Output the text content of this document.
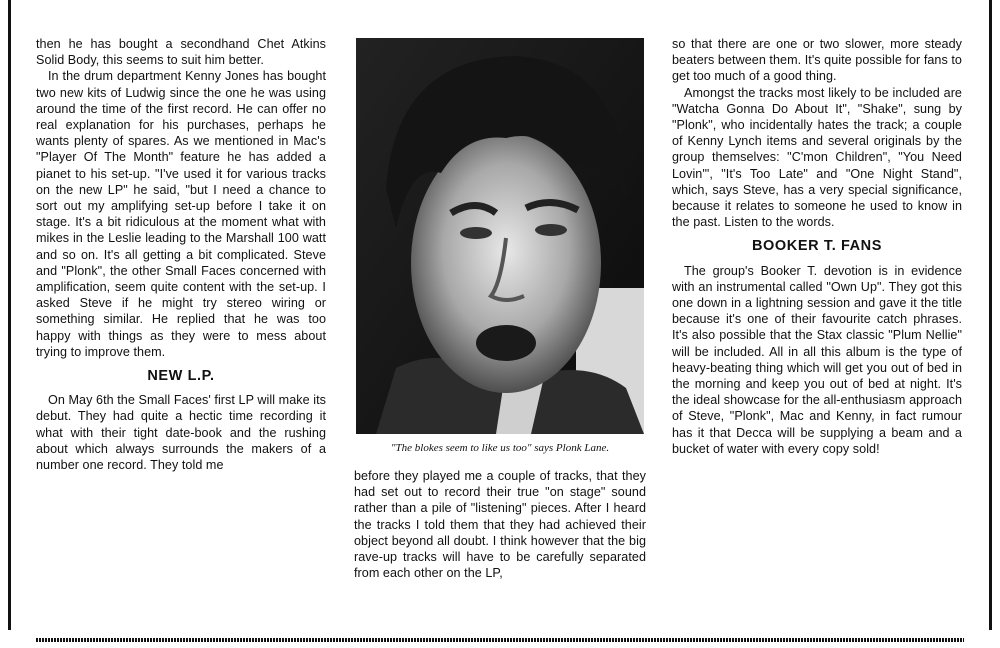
then he has bought a secondhand Chet Atkins Solid Body, this seems to suit him better.

In the drum department Kenny Jones has bought two new kits of Ludwig since the one he was using around the time of the first record. He can offer no real explanation for his purchases, perhaps he wants plenty of spares. As we mentioned in Mac's "Player Of The Month" feature he has added a pianet to his set-up. "I've used it for various tracks on the new LP" he said, "but I need a chance to sort out my amplifying set-up before I take it on stage. It's a bit ridiculous at the moment what with mikes in the Leslie leading to the Marshall 100 watt and so on. It's all getting a bit complicated. Steve and "Plonk", the other Small Faces concerned with amplification, seem quite content with the set-up. I asked Steve if he might try stereo wiring or something similar. He replied that he was too happy with things as they were to mess about trying to improve them.

NEW L.P.

On May 6th the Small Faces' first LP will make its debut. They had quite a hectic time recording it what with their tight date-book and the rushing about which always surrounds the makers of a number one record. They told me

"The blokes seem to like us too" says Plonk Lane.

before they played me a couple of tracks, that they had set out to record their true "on stage" sound rather than a pile of "listening" pieces. After I heard the tracks I told them that they had achieved their object beyond all doubt. I think however that the big rave-up tracks will have to be carefully separated from each other on the LP,

so that there are one or two slower, more steady beaters between them. It's quite possible for fans to get too much of a good thing.

Amongst the tracks most likely to be included are "Watcha Gonna Do About It", "Shake", sung by "Plonk", who incidentally hates the track; a couple of Kenny Lynch items and several originals by the group themselves: "C'mon Children", "You Need Lovin'", "It's Too Late" and "One Night Stand", which, says Steve, has a very special significance, because it relates to someone he used to know in the past. Listen to the words.

BOOKER T. FANS

The group's Booker T. devotion is in evidence with an instrumental called "Own Up". They got this one down in a lightning session and gave it the title because it's one of their favourite catch phrases. It's also possible that the Stax classic "Plum Nellie" will be included. All in all this album is the type of heavy-beating thing which will get you out of bed in the morning and keep you out of bed at night. It's the ideal showcase for the all-enthusiasm approach of Steve, "Plonk", Mac and Kenny, in fact rumour has it that Decca will be supplying a beam and a bucket of water with every copy sold!
